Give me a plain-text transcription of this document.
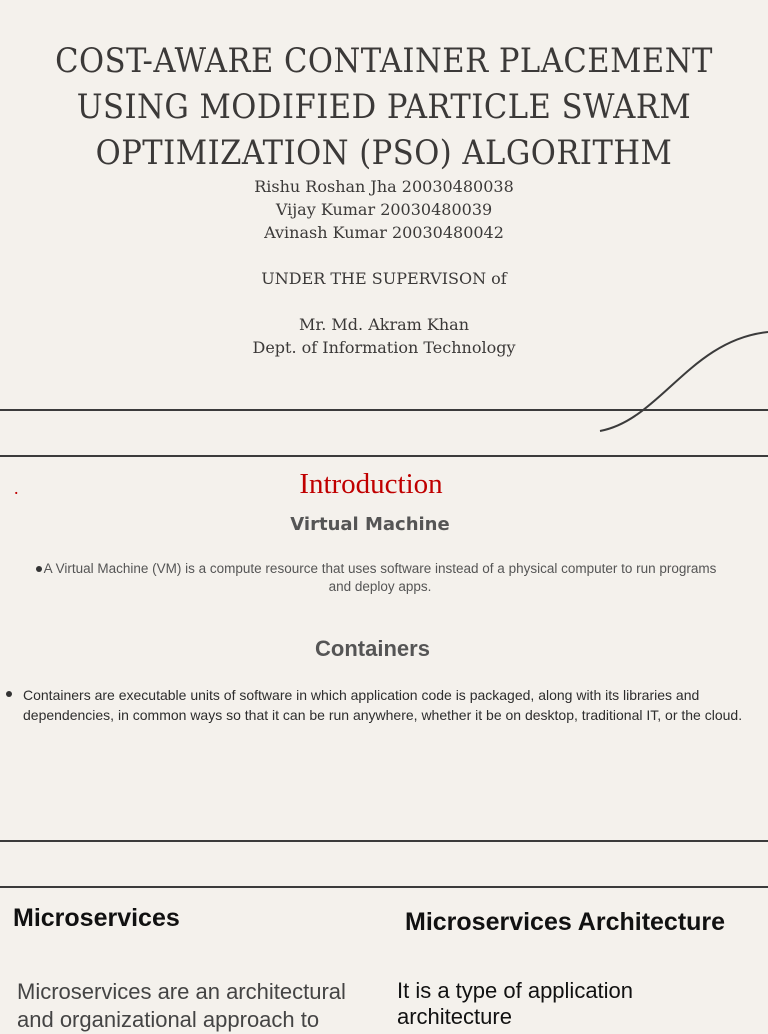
COST-AWARE CONTAINER PLACEMENT
USING MODIFIED PARTICLE SWARM
OPTIMIZATION (PSO) ALGORITHM
Rishu Roshan Jha 20030480038
Vijay Kumar 20030480039
Avinash Kumar 20030480042
UNDER THE SUPERVISON of
Mr. Md. Akram Khan
Dept. of Information Technology
.	Introduction
Virtual Machine
A Virtual Machine (VM) is a compute resource that uses software instead of a physical computer to run programs and deploy apps.
Containers
Containers are executable units of software in which application code is packaged, along with its libraries and dependencies, in common ways so that it can be run anywhere, whether it be on desktop, traditional IT, or the cloud.
Microservices	Microservices Architecture
Microservices are an architectural and organizational approach to
It is a type of application architecture
